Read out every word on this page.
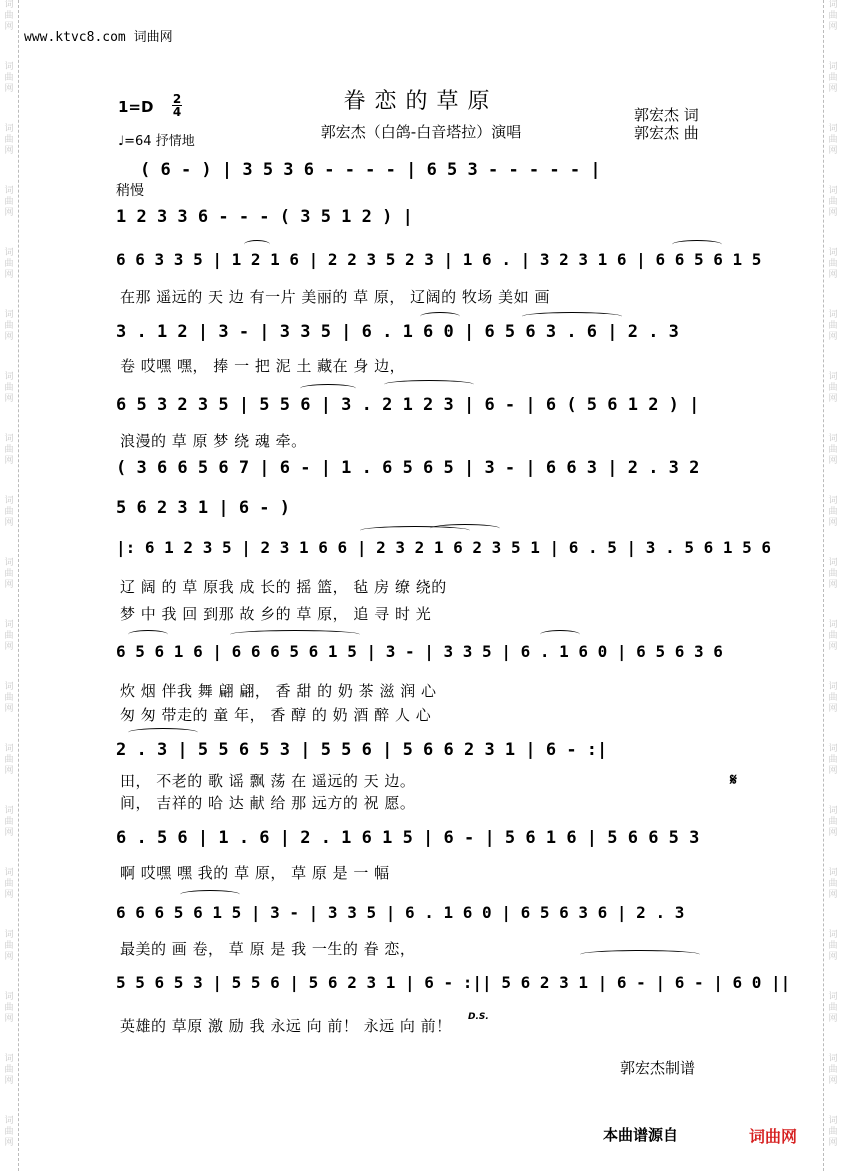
词
曲
网
词
曲
网
词
曲
网
词
曲
网
词
曲
网
词
曲
网
词
曲
网
词
曲
网
词
曲
网
词
曲
网
词
曲
网
词
曲
网
词
曲
网
词
曲
网
词
曲
网
词
曲
网
词
曲
网
词
曲
网
词
曲
网
词
曲
网
词
曲
网
词
曲
网
词
曲
网
词
曲
网
词
曲
网
词
曲
网
词
曲
网
词
曲
网
词
曲
网
词
曲
网
词
曲
网
词
曲
网
词
曲
网
词
曲
网
词
曲
网
词
曲
网
词
曲
网
词
曲
网
www.ktvc8.com 词曲网
眷恋的草原
1=D 2
4
♩=64 抒情地
郭宏杰（白鸽-白音塔拉）演唱
郭宏杰 词
郭宏杰 曲
稍慢
( 6 - ) | 3 5 3 6 - - - - | 6 5 3 - - - - - |
1 2 3 3 6 - - - ( 3 5 1 2 ) |
6 6 3 3 5 | 1 2 1 6 | 2 2 3 5 2 3 | 1 6 . | 3 2 3 1 6 | 6 6 5 6 1 5
在那 遥远的 天 边 有一片 美丽的 草 原， 辽阔的 牧场 美如 画
3 . 1 2 | 3 - | 3 3 5 | 6 . 1 6 0 | 6 5 6 3 . 6 | 2 . 3
卷 哎嘿 嘿， 捧 一 把 泥 土 藏在 身 边，
6 5 3 2 3 5 | 5 5 6 | 3 . 2 1 2 3 | 6 - | 6 ( 5 6 1 2 ) |
浪漫的 草 原 梦 绕 魂 牵。
( 3 6 6 5 6 7 | 6 - | 1 . 6 5 6 5 | 3 - | 6 6 3 | 2 . 3 2
5 6 2 3 1 | 6 - )
|: 6 1 2 3 5 | 2 3 1 6 6 | 2 3 2 1 6 2 3 5 1 | 6 . 5 | 3 . 5 6 1 5 6
辽 阔 的 草 原我 成 长的 摇 篮， 毡 房 缭 绕的
梦 中 我 回 到那 故 乡的 草 原， 追 寻 时 光
6 5 6 1 6 | 6 6 6 5 6 1 5 | 3 - | 3 3 5 | 6 . 1 6 0 | 6 5 6 3 6
炊 烟 伴我 舞 翩 翩， 香 甜 的 奶 茶 滋 润 心
匆 匆 带走的 童 年， 香 醇 的 奶 酒 醉 人 心
2 . 3 | 5 5 6 5 3 | 5 5 6 | 5 6 6 2 3 1 | 6 - :|
田， 不老的 歌 谣 飘 荡 在 遥远的 天 边。
间， 吉祥的 哈 达 献 给 那 远方的 祝 愿。
𝄋
6 . 5 6 | 1 . 6 | 2 . 1 6 1 5 | 6 - | 5 6 1 6 | 5 6 6 5 3
啊 哎嘿 嘿 我的 草 原， 草 原 是 一 幅
6 6 6 5 6 1 5 | 3 - | 3 3 5 | 6 . 1 6 0 | 6 5 6 3 6 | 2 . 3
最美的 画 卷， 草 原 是 我 一生的 眷 恋，
5 5 6 5 3 | 5 5 6 | 5 6 2 3 1 | 6 - :|| 5 6 2 3 1 | 6 - | 6 - | 6 0 ||
英雄的 草原 激 励 我 永远 向 前！ 永远 向 前！ D.S.
郭宏杰制谱
本曲谱源自	词曲网
